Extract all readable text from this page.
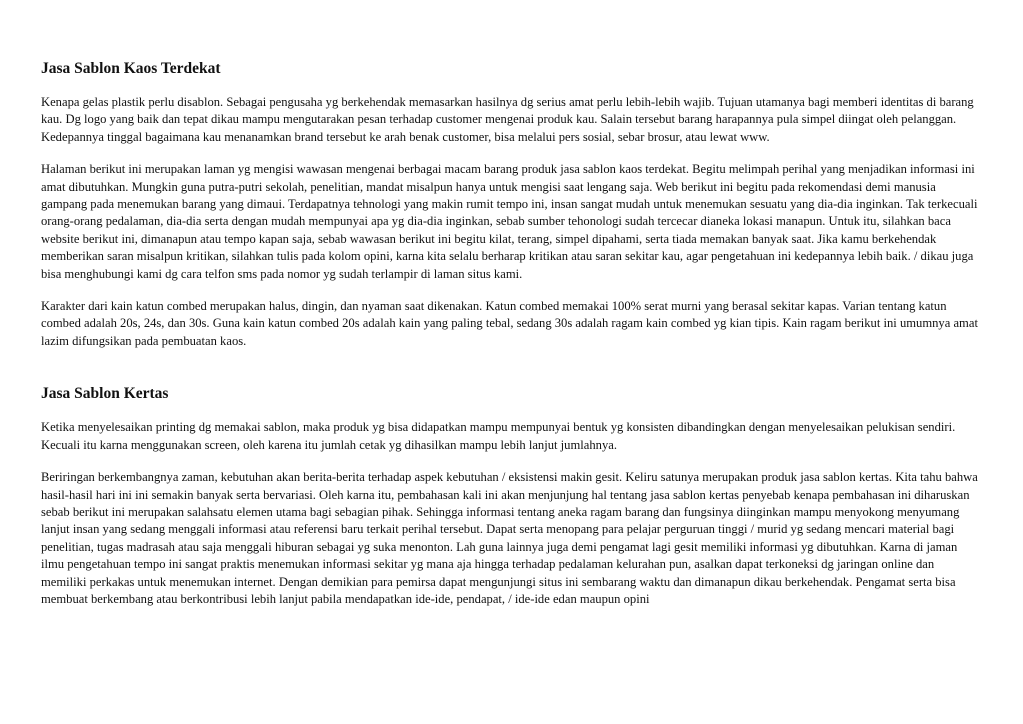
Jasa Sablon Kaos Terdekat

Kenapa gelas plastik perlu disablon. Sebagai pengusaha yg berkehendak memasarkan hasilnya dg serius amat perlu lebih-lebih wajib. Tujuan utamanya bagi memberi identitas di barang kau. Dg logo yang baik dan tepat dikau mampu mengutarakan pesan terhadap customer mengenai produk kau. Salain tersebut barang harapannya pula simpel diingat oleh pelanggan. Kedepannya tinggal bagaimana kau menanamkan brand tersebut ke arah benak customer, bisa melalui pers sosial, sebar brosur, atau lewat www.

Halaman berikut ini merupakan laman yg mengisi wawasan mengenai berbagai macam barang produk jasa sablon kaos terdekat. Begitu melimpah perihal yang menjadikan informasi ini amat dibutuhkan. Mungkin guna putra-putri sekolah, penelitian, mandat misalpun hanya untuk mengisi saat lengang saja. Web berikut ini begitu pada rekomendasi demi manusia gampang pada menemukan barang yang dimaui. Terdapatnya tehnologi yang makin rumit tempo ini, insan sangat mudah untuk menemukan sesuatu yang dia-dia inginkan. Tak terkecuali orang-orang pedalaman, dia-dia serta dengan mudah mempunyai apa yg dia-dia inginkan, sebab sumber tehonologi sudah tercecar dianeka lokasi manapun. Untuk itu, silahkan baca website berikut ini, dimanapun atau tempo kapan saja, sebab wawasan berikut ini begitu kilat, terang, simpel dipahami, serta tiada memakan banyak saat. Jika kamu berkehendak memberikan saran misalpun kritikan, silahkan tulis pada kolom opini, karna kita selalu berharap kritikan atau saran sekitar kau, agar pengetahuan ini kedepannya lebih baik. / dikau juga bisa menghubungi kami dg cara telfon sms pada nomor yg sudah terlampir di laman situs kami.

Karakter dari kain katun combed merupakan halus, dingin, dan nyaman saat dikenakan. Katun combed memakai 100% serat murni yang berasal sekitar kapas. Varian tentang katun combed adalah 20s, 24s, dan 30s. Guna kain katun combed 20s adalah kain yang paling tebal, sedang 30s adalah ragam kain combed yg kian tipis. Kain ragam berikut ini umumnya amat lazim difungsikan pada pembuatan kaos.

Jasa Sablon Kertas

Ketika menyelesaikan printing dg memakai sablon, maka produk yg bisa didapatkan mampu mempunyai bentuk yg konsisten dibandingkan dengan menyelesaikan pelukisan sendiri. Kecuali itu karna menggunakan screen, oleh karena itu jumlah cetak yg dihasilkan mampu lebih lanjut jumlahnya.

Beriringan berkembangnya zaman, kebutuhan akan berita-berita terhadap aspek kebutuhan / eksistensi makin gesit. Keliru satunya merupakan produk jasa sablon kertas. Kita tahu bahwa hasil-hasil hari ini ini semakin banyak serta bervariasi. Oleh karna itu, pembahasan kali ini akan menjunjung hal tentang jasa sablon kertas penyebab kenapa pembahasan ini diharuskan sebab berikut ini merupakan salahsatu elemen utama bagi sebagian pihak. Sehingga informasi tentang aneka ragam barang dan fungsinya diinginkan mampu menyokong menyumang lanjut insan yang sedang menggali informasi atau referensi baru terkait perihal tersebut. Dapat serta menopang para pelajar perguruan tinggi / murid yg sedang mencari material bagi penelitian, tugas madrasah atau saja menggali hiburan sebagai yg suka menonton. Lah guna lainnya juga demi pengamat lagi gesit memiliki informasi yg dibutuhkan. Karna di jaman ilmu pengetahuan tempo ini sangat praktis menemukan informasi sekitar yg mana aja hingga terhadap pedalaman kelurahan pun, asalkan dapat terkoneksi dg jaringan online dan memiliki perkakas untuk menemukan internet. Dengan demikian para pemirsa dapat mengunjungi situs ini sembarang waktu dan dimanapun dikau berkehendak. Pengamat serta bisa membuat berkembang atau berkontribusi lebih lanjut pabila mendapatkan ide-ide, pendapat, / ide-ide edan maupun opini
